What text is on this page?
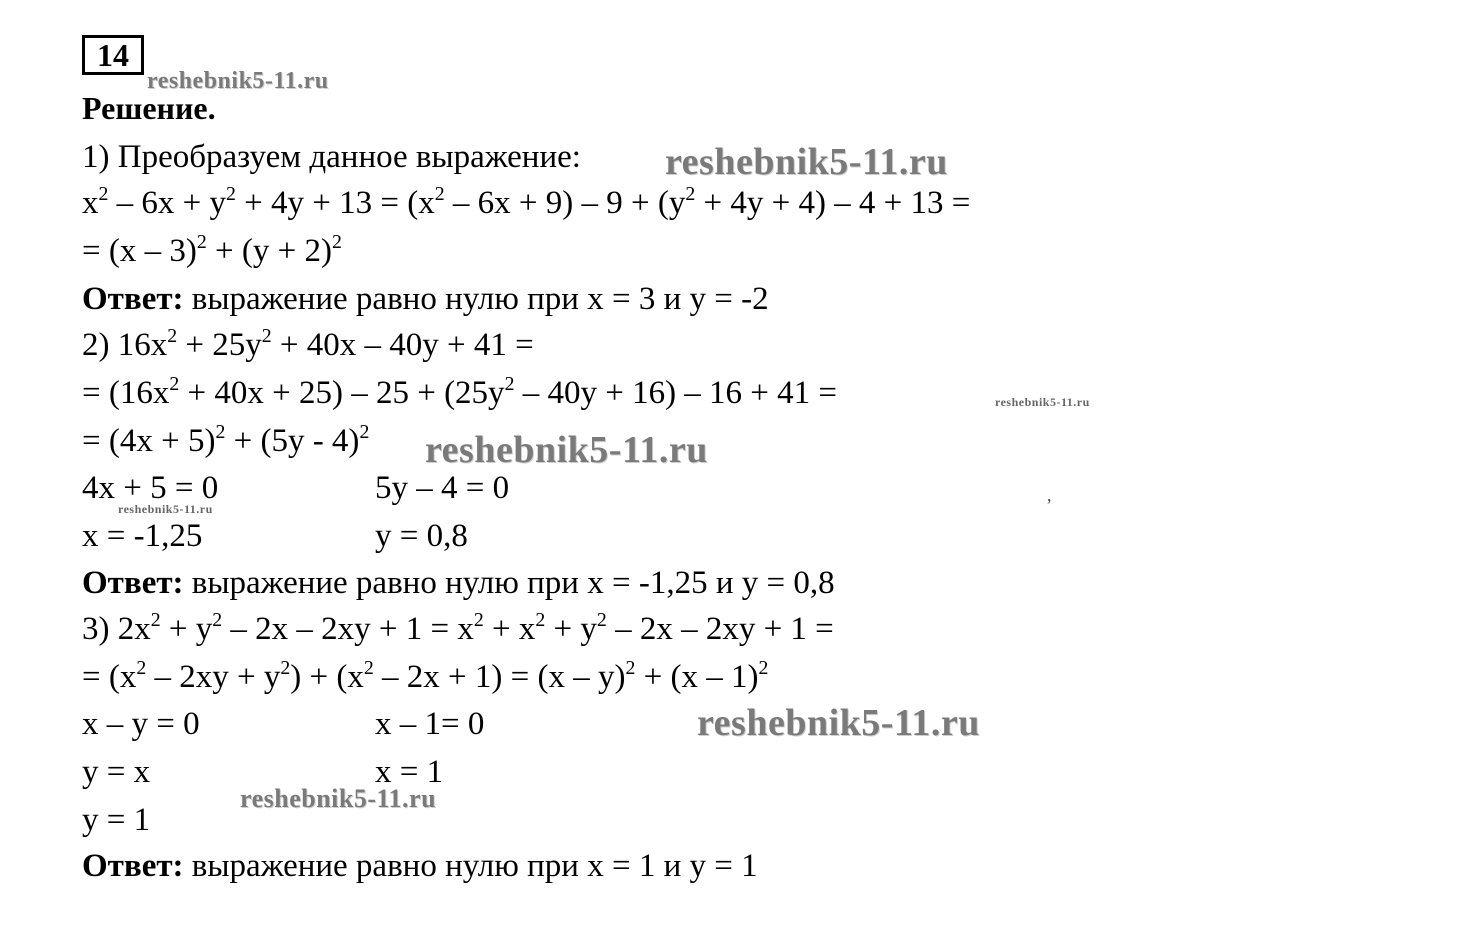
14
Решение.
1) Преобразуем данное выражение:
$x^2 - 6x + y^2 + 4y + 13 = (x^2 - 6x + 9) - 9 + (y^2 + 4y + 4) - 4 + 13$ =
= $(x - 3)^2 + (y + 2)^2$
Ответ: выражение равно нулю при x = 3 и y = -2
2) $16x^2 + 25y^2 + 40x - 40y + 41$ =
= $(16x^2 + 40x + 25) - 25 + (25y^2 - 40y + 16) - 16 + 41$ =
= $(4x + 5)^2 + (5y - 4)^2$
4x + 5 = 0	5y – 4 = 0
x = -1,25	y = 0,8
Ответ: выражение равно нулю при x = -1,25 и y = 0,8
3) $2x^2 + y^2 - 2x - 2xy + 1 = x^2 + x^2 + y^2 - 2x - 2xy + 1$ =
= $(x^2 - 2xy + y^2) + (x^2 - 2x + 1) = (x - y)^2 + (x - 1)^2$
x – y = 0	x – 1= 0
y = x	x = 1
y = 1
Ответ: выражение равно нулю при x = 1 и y = 1
reshebnik5-11.ru
reshebnik5-11.ru
reshebnik5-11.ru
reshebnik5-11.ru
reshebnik5-11.ru
reshebnik5-11.ru
reshebnik5-11.ru
,
